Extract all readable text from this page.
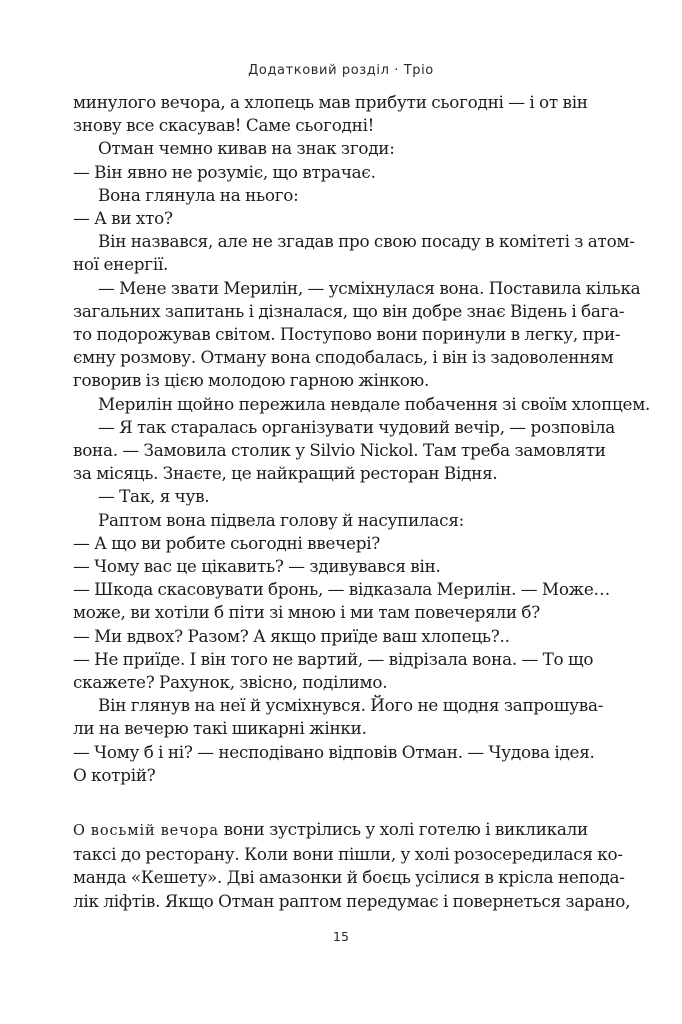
Додатковий розділ · Тріо
минулого вечора, а хлопець мав прибути сьогодні — і от він
знову все скасував! Саме сьогодні!
Отман чемно кивав на знак згоди:
— Він явно не розуміє, що втрачає.
Вона глянула на нього:
— А ви хто?
Він назвався, але не згадав про свою посаду в комітеті з атом-
ної енергії.
— Мене звати Мерилін, — усміхнулася вона. Поставила кілька
загальних запитань і дізналася, що він добре знає Відень і бага-
то подорожував світом. Поступово вони поринули в легку, при-
ємну розмову. Отману вона сподобалась, і він із задоволенням
говорив із цією молодою гарною жінкою.
Мерилін щойно пережила невдале побачення зі своїм хлопцем.
— Я так старалась організувати чудовий вечір, — розповіла
вона. — Замовила столик у Silvio Nickol. Там треба замовляти
за місяць. Знаєте, це найкращий ресторан Відня.
— Так, я чув.
Раптом вона підвела голову й насупилася:
— А що ви робите сьогодні ввечері?
— Чому вас це цікавить? — здивувався він.
— Шкода скасовувати бронь, — відказала Мерилін. — Може…
може, ви хотіли б піти зі мною і ми там повечеряли б?
— Ми вдвох? Разом? А якщо приїде ваш хлопець?..
— Не приїде. І він того не вартий, — відрізала вона. — То що
скажете? Рахунок, звісно, поділимо.
Він глянув на неї й усміхнувся. Його не щодня запрошува-
ли на вечерю такі шикарні жінки.
— Чому б і ні? — несподівано відповів Отман. — Чудова ідея.
О котрій?
О восьмій вечора вони зустрілись у холі готелю і викликали
таксі до ресторану. Коли вони пішли, у холі розосередилася ко-
манда «Кешету». Дві амазонки й боєць усілися в крісла непода-
лік ліфтів. Якщо Отман раптом передумає і повернеться зарано,
15
